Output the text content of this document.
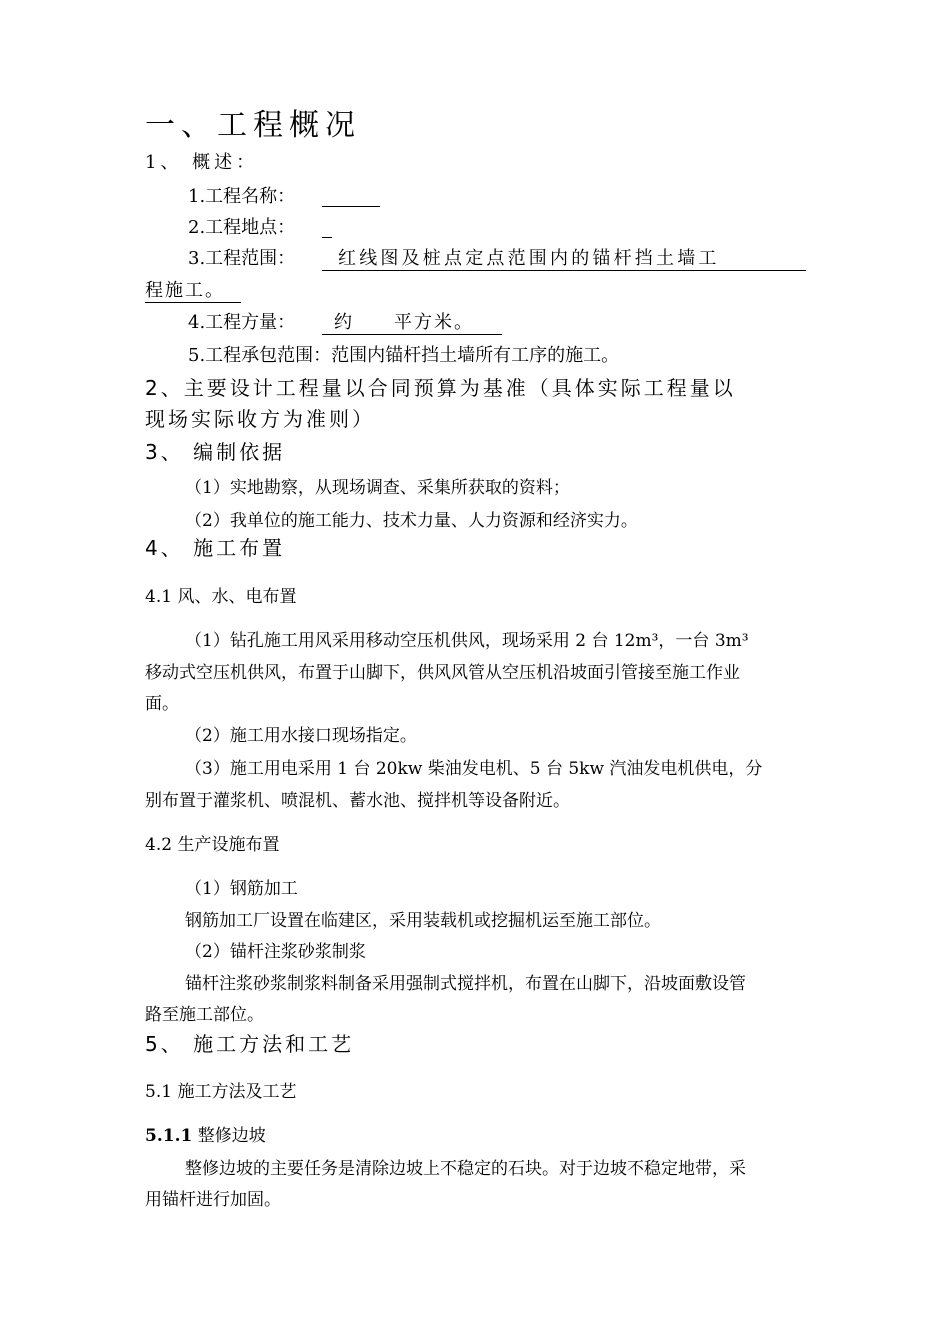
一、工程概况
1、 概述：
1.工程名称：
2.工程地点：
3.工程范围：	红线图及桩点定点范围内的锚杆挡土墙工
程施工。
4.工程方量：	约　　平方米。
5.工程承包范围：范围内锚杆挡土墙所有工序的施工。
2、主要设计工程量以合同预算为基准（具体实际工程量以
现场实际收方为准则）
3、 编制依据
（1）实地勘察，从现场调查、采集所获取的资料；
（2）我单位的施工能力、技术力量、人力资源和经济实力。
4、 施工布置
4.1 风、水、电布置
（1）钻孔施工用风采用移动空压机供风，现场采用 2 台 12m³，一台 3m³
移动式空压机供风，布置于山脚下，供风风管从空压机沿坡面引管接至施工作业
面。
（2）施工用水接口现场指定。
（3）施工用电采用 1 台 20kw 柴油发电机、5 台 5kw 汽油发电机供电，分
别布置于灌浆机、喷混机、蓄水池、搅拌机等设备附近。
4.2 生产设施布置
（1）钢筋加工
钢筋加工厂设置在临建区，采用装载机或挖掘机运至施工部位。
（2）锚杆注浆砂浆制浆
锚杆注浆砂浆制浆料制备采用强制式搅拌机，布置在山脚下，沿坡面敷设管
路至施工部位。
5、 施工方法和工艺
5.1 施工方法及工艺
5.1.1 整修边坡
整修边坡的主要任务是清除边坡上不稳定的石块。对于边坡不稳定地带，采
用锚杆进行加固。
